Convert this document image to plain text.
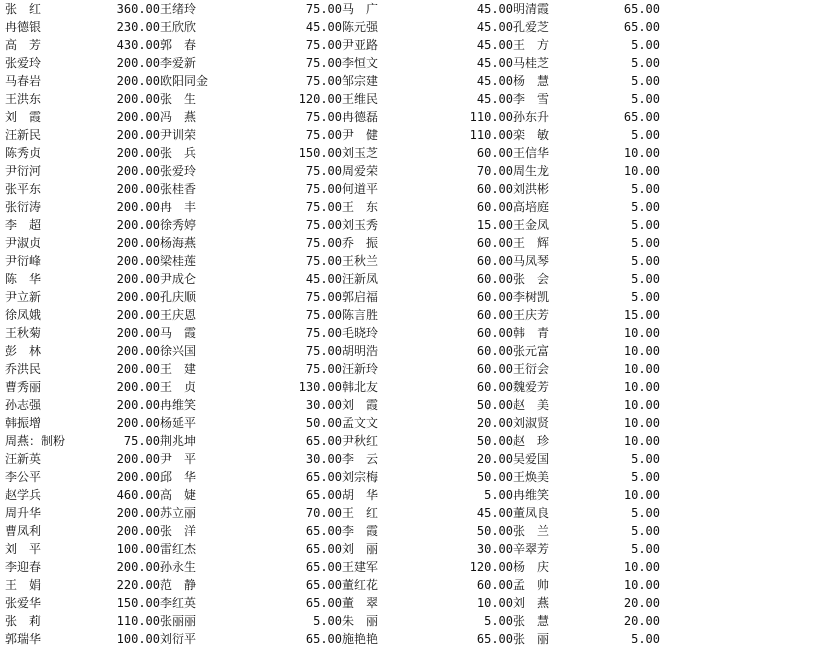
张　红	360.00 王绪玲	75.00 马　广	45.00 明清霞	65.00
冉德银	230.00 王欣欣	45.00 陈元强	45.00 孔爱芝	65.00
高　芳	430.00 郭　春	75.00 尹亚路	45.00 王　方	5.00
张爱玲	200.00 李爱新	75.00 李恒文	45.00 马桂芝	5.00
马春岩	200.00 欧阳同金	75.00 邹宗建	45.00 杨　慧	5.00
王洪东	200.00 张　生	120.00 王维民	45.00 李　雪	5.00
刘　霞	200.00 冯　燕	75.00 冉德磊	110.00 孙东升	65.00
汪新民	200.00 尹训荣	75.00 尹　健	110.00 栾　敏	5.00
陈秀贞	200.00 张　兵	150.00 刘玉芝	60.00 王信华	10.00
尹衍河	200.00 张爱玲	75.00 周爱荣	70.00 周生龙	10.00
张平东	200.00 张桂香	75.00 何道平	60.00 刘洪彬	5.00
张衍涛	200.00 冉　丰	75.00 王　东	60.00 高培庭	5.00
李　超	200.00 徐秀婷	75.00 刘玉秀	15.00 王金凤	5.00
尹淑贞	200.00 杨海燕	75.00 乔　振	60.00 王　辉	5.00
尹衍峰	200.00 梁桂莲	75.00 王秋兰	60.00 马凤琴	5.00
陈　华	200.00 尹成仑	45.00 汪新凤	60.00 张　会	5.00
尹立新	200.00 孔庆顺	75.00 郭启福	60.00 李树凯	5.00
徐凤娥	200.00 王庆恩	75.00 陈言胜	60.00 王庆芳	15.00
王秋菊	200.00 马　霞	75.00 毛晓玲	60.00 韩　青	10.00
彭　林	200.00 徐兴国	75.00 胡明浩	60.00 张元富	10.00
乔洪民	200.00 王　建	75.00 汪新玲	60.00 王衍会	10.00
曹秀丽	200.00 王　贞	130.00 韩北友	60.00 魏爱芳	10.00
孙志强	200.00 冉维笑	30.00 刘　霞	50.00 赵　美	10.00
韩振增	200.00 杨延平	50.00 孟文文	20.00 刘淑贤	10.00
周燕：制粉	75.00 荆兆坤	65.00 尹秋红	50.00 赵　珍	10.00
汪新英	200.00 尹　平	30.00 李　云	20.00 吴爱国	5.00
李公平	200.00 邱　华	65.00 刘宗梅	50.00 王焕美	5.00
赵学兵	460.00 高　婕	65.00 胡　华	5.00 冉维笑	10.00
周升华	200.00 苏立丽	70.00 王　红	45.00 董凤良	5.00
曹凤利	200.00 张　洋	65.00 李　霞	50.00 张　兰	5.00
刘　平	100.00 雷红杰	65.00 刘　丽	30.00 辛翠芳	5.00
李迎春	200.00 孙永生	65.00 王建军	120.00 杨　庆	10.00
王　娟	220.00 范　静	65.00 董红花	60.00 孟　帅	10.00
张爱华	150.00 李红英	65.00 董　翠	10.00 刘　燕	20.00
张　莉	110.00 张丽丽	5.00 朱　丽	5.00 张　慧	20.00
郭瑞华	100.00 刘衍平	65.00 施艳艳	65.00 张　丽	5.00
